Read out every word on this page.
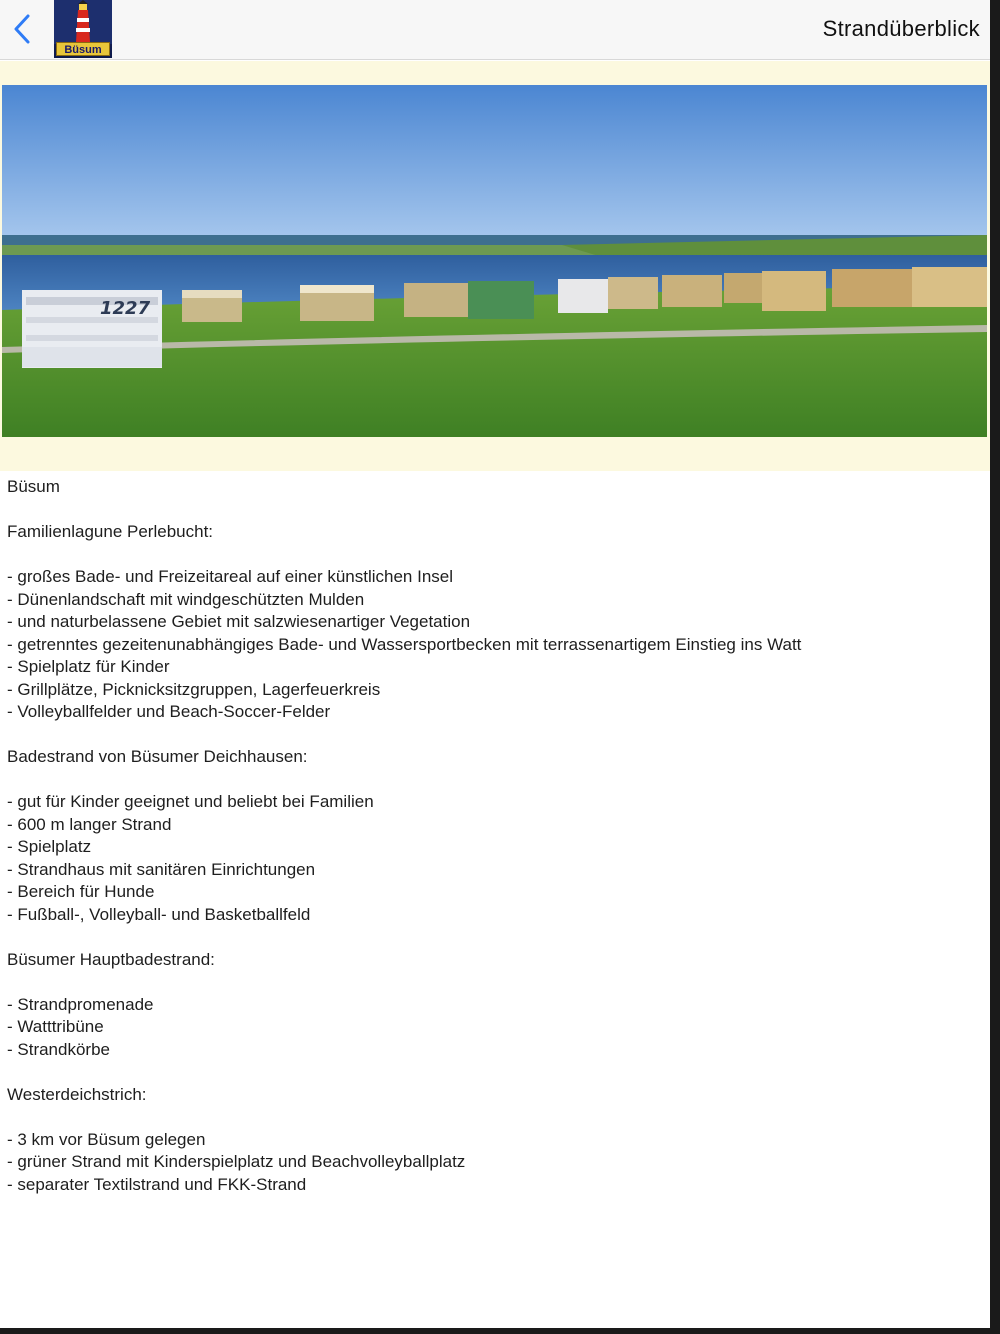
Büsum
Strandüberblick
1227
Büsum
Familienlagune Perlebucht:
- großes Bade- und Freizeitareal auf einer künstlichen Insel
- Dünenlandschaft mit windgeschützten Mulden
- und naturbelassene Gebiet mit salzwiesenartiger Vegetation
- getrenntes gezeitenunabhängiges Bade- und Wassersportbecken mit terrassenartigem Einstieg ins Watt
- Spielplatz für Kinder
- Grillplätze, Picknicksitzgruppen, Lagerfeuerkreis
- Volleyballfelder und Beach-Soccer-Felder
Badestrand von Büsumer Deichhausen:
- gut für Kinder geeignet und beliebt bei Familien
- 600 m langer Strand
- Spielplatz
- Strandhaus mit sanitären Einrichtungen
- Bereich für Hunde
- Fußball-, Volleyball- und Basketballfeld
Büsumer Hauptbadestrand:
- Strandpromenade
- Watttribüne
- Strandkörbe
Westerdeichstrich:
- 3 km vor Büsum gelegen
- grüner Strand mit Kinderspielplatz und Beachvolleyballplatz
- separater Textilstrand und FKK-Strand
